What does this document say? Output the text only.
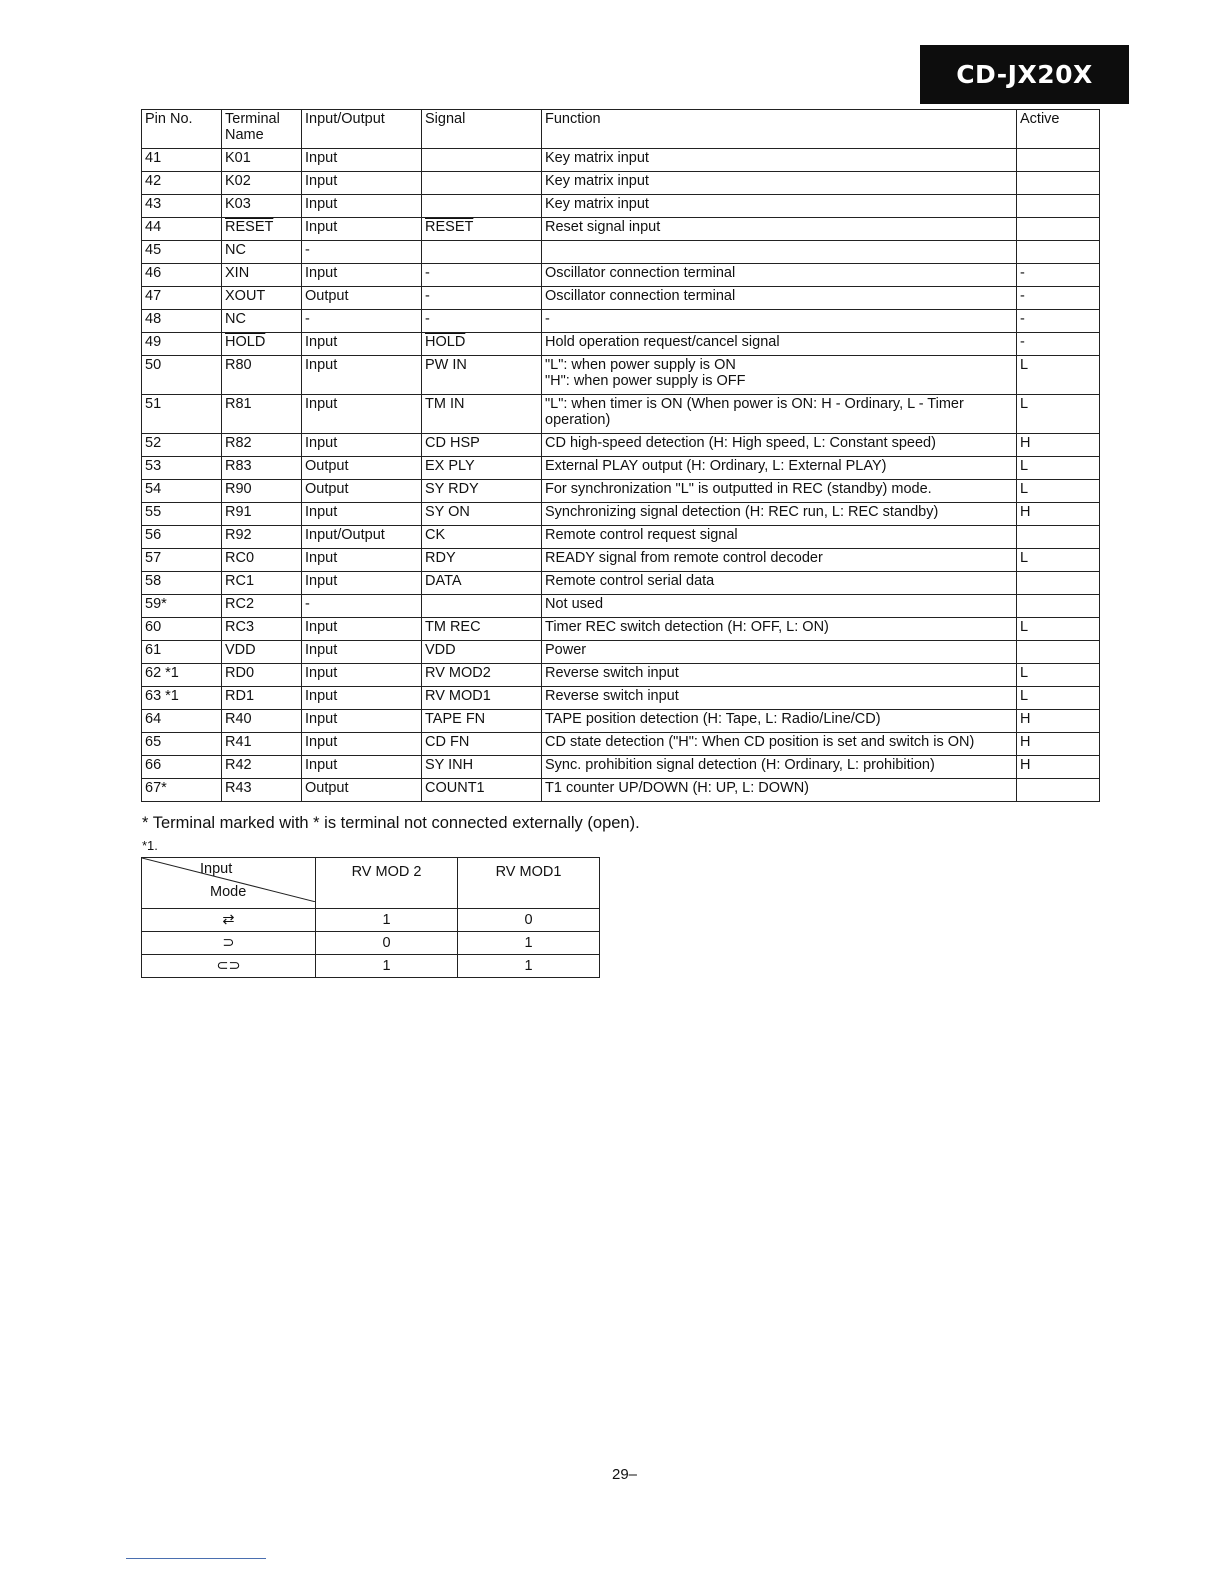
CD-JX20X
Pin No.	Terminal Name	Input/Output	Signal	Function	Active
41	K01	Input		Key matrix input	
42	K02	Input		Key matrix input	
43	K03	Input		Key matrix input	
44	RESET	Input	RESET	Reset signal input	
45	NC	-			
46	XIN	Input	-	Oscillator connection terminal	-
47	XOUT	Output	-	Oscillator connection terminal	-
48	NC	-	-	-	-
49	HOLD	Input	HOLD	Hold operation request/cancel signal	-
50	R80	Input	PW IN	"L": when power supply is ON
"H": when power supply is OFF	L
51	R81	Input	TM IN	"L": when timer is ON (When power is ON: H - Ordinary, L - Timer operation)	L
52	R82	Input	CD HSP	CD high-speed detection (H: High speed, L: Constant speed)	H
53	R83	Output	EX PLY	External PLAY output (H: Ordinary, L: External PLAY)	L
54	R90	Output	SY RDY	For synchronization "L" is outputted in REC (standby) mode.	L
55	R91	Input	SY ON	Synchronizing signal detection (H: REC run, L: REC standby)	H
56	R92	Input/Output	CK	Remote control request signal	
57	RC0	Input	RDY	READY signal from remote control decoder	L
58	RC1	Input	DATA	Remote control serial data	
59*	RC2	-		Not used	
60	RC3	Input	TM REC	Timer REC switch detection (H: OFF, L: ON)	L
61	VDD	Input	VDD	Power	
62 *1	RD0	Input	RV MOD2	Reverse switch input	L
63 *1	RD1	Input	RV MOD1	Reverse switch input	L
64	R40	Input	TAPE FN	TAPE position detection (H: Tape, L: Radio/Line/CD)	H
65	R41	Input	CD FN	CD state detection ("H": When CD position is set and switch is ON)	H
66	R42	Input	SY INH	Sync. prohibition signal detection (H: Ordinary, L: prohibition)	H
67*	R43	Output	COUNT1	T1 counter UP/DOWN (H: UP, L: DOWN)	
* Terminal marked with * is terminal not connected externally (open).
*1.
Input
Mode	RV MOD 2	RV MOD1
⇄	1	0
⊃	0	1
⊂⊃	1	1
29–
